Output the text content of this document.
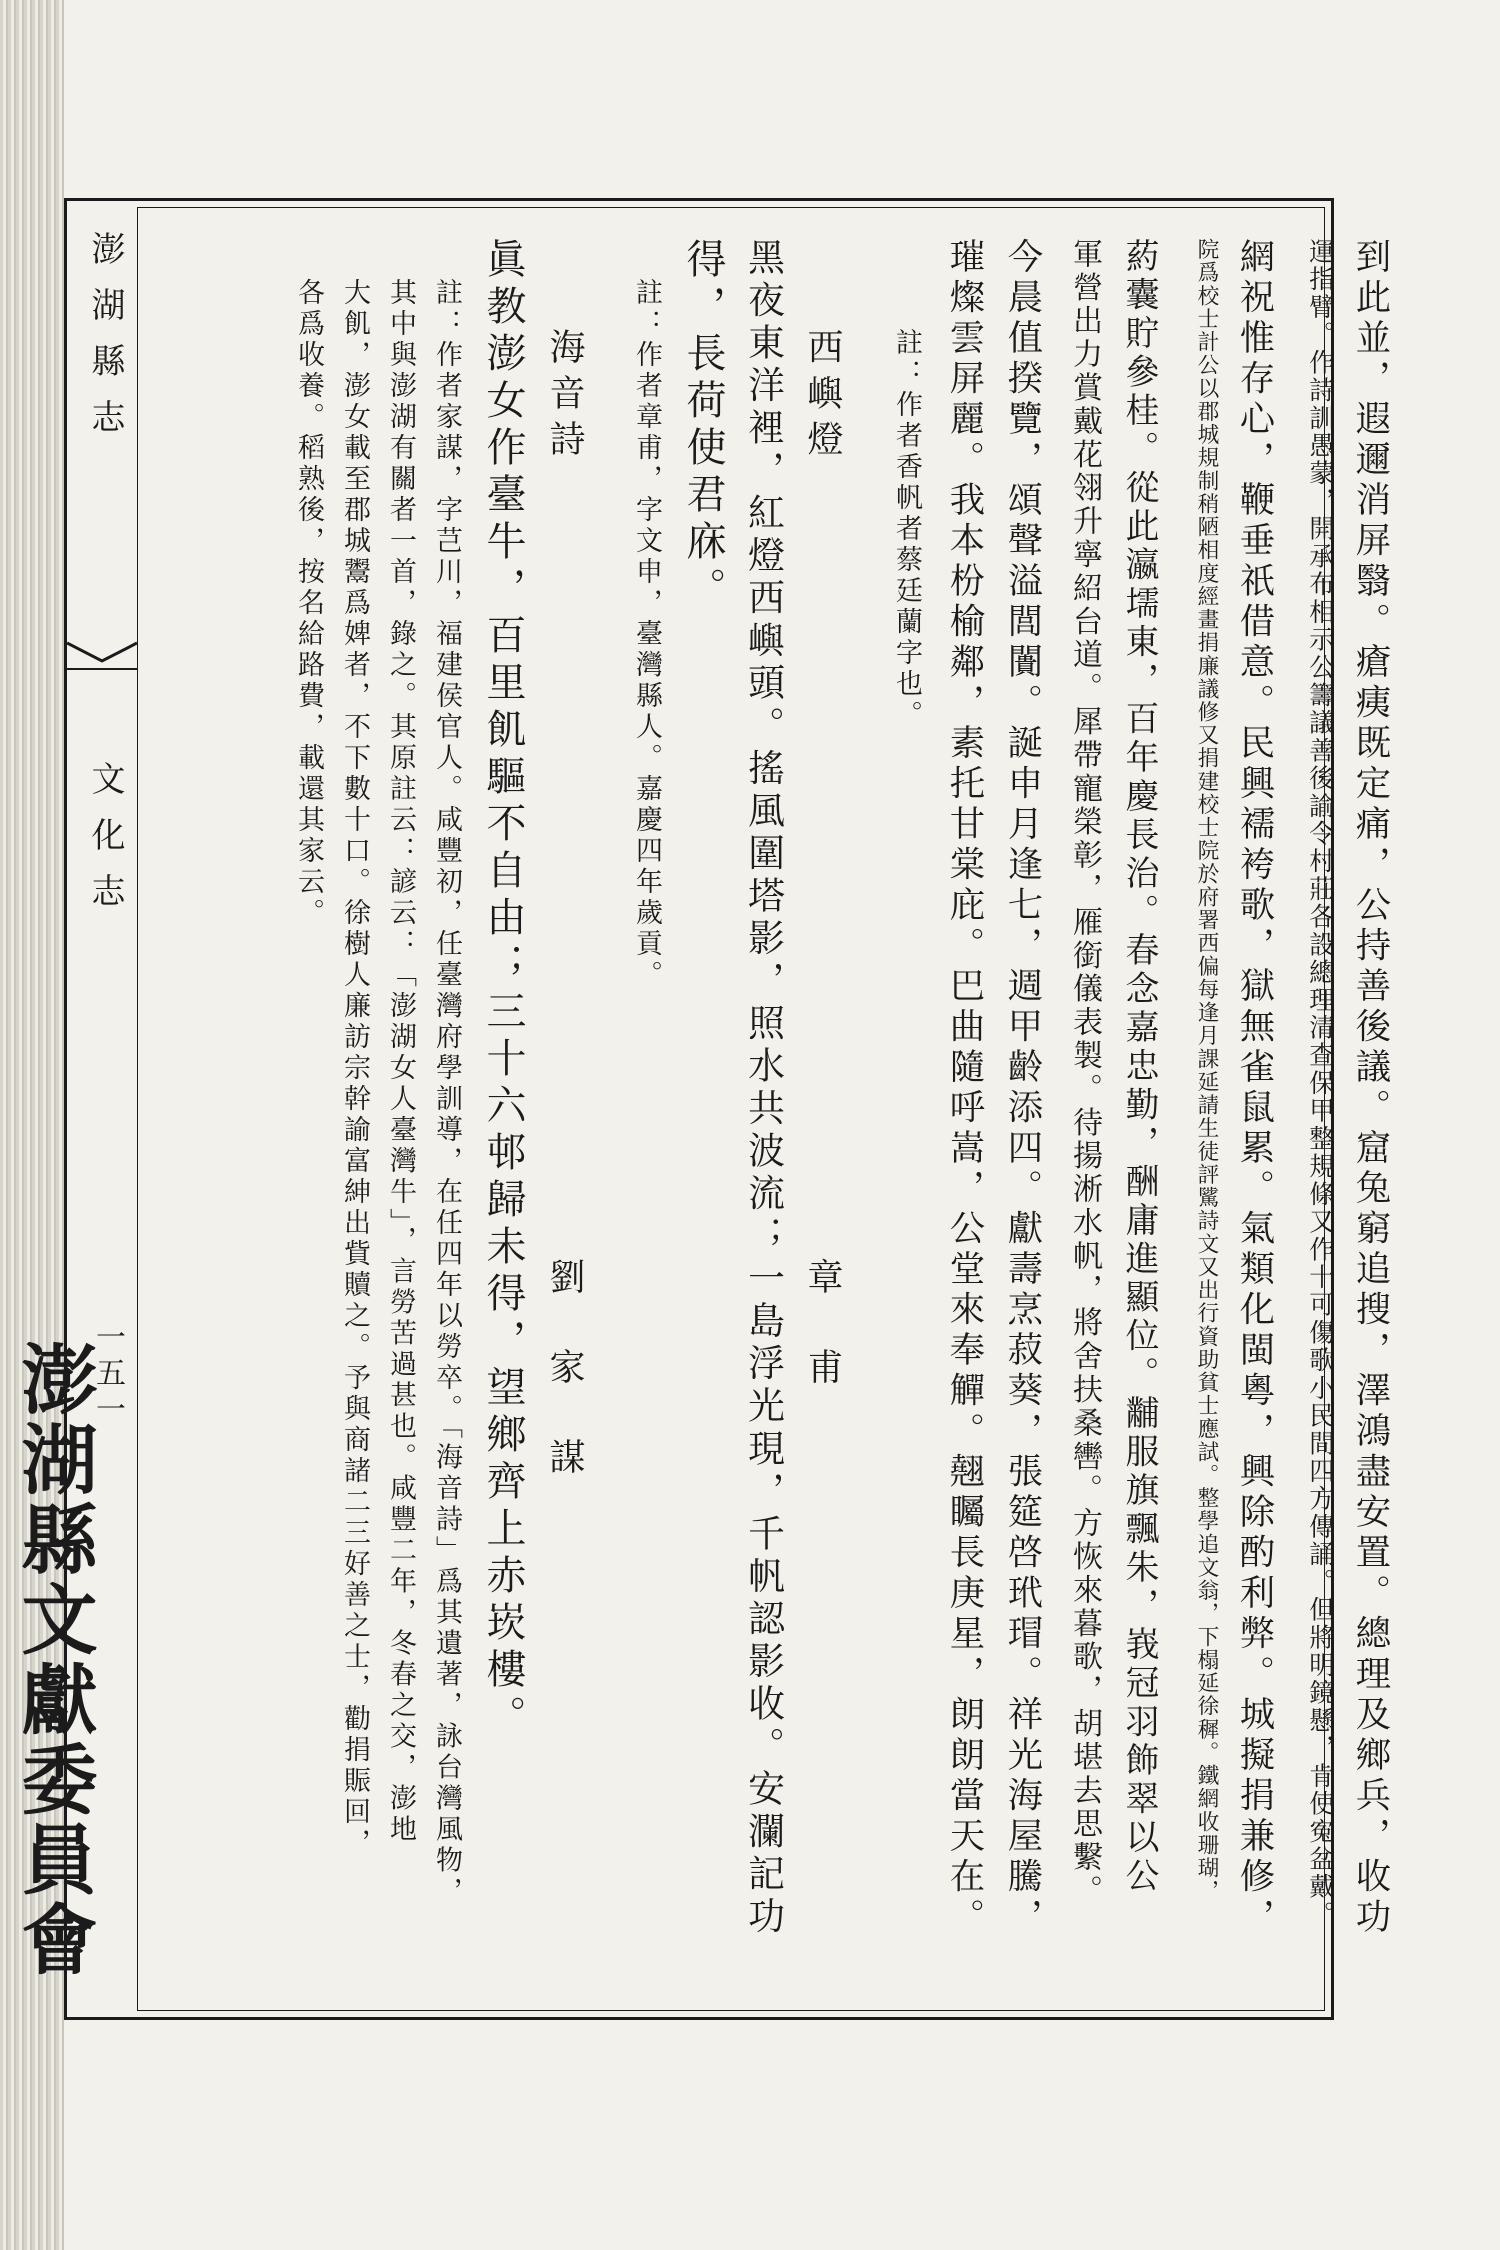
澎湖縣志
文化志
一五一	到此並，遐邇消屏翳。瘡痍既定痛，公持善後議。窟兔窮追搜，澤鴻盡安置。總理及鄉兵，收功
運指臂。作詩訓愚蒙，開承布相示公籌議善後諭令村莊各設總理清查保甲整規條又作十可傷歌小民間四方傳誦。但將明鏡懸，肯使寃盆戴。
網祝惟存心，鞭垂祇借意。民興襦袴歌，獄無雀鼠累。氣類化閩粵，興除酌利弊。城擬捐兼修，
院爲校士計公以郡城規制稍陋相度經畫捐廉議修又捐建校士院於府署西偏每逢月課延請生徒評騭詩文又出行資助貧士應試。整學追文翁，下榻延徐穉。鐵網收珊瑚，
葯囊貯參桂。從此瀛壖東，百年慶長治。春念嘉忠勤，酬庸進顯位。黼服旗飄朱，峩冠羽飾翠以公
軍營出力賞戴花翎升寧紹台道。犀帶寵榮彰，雁銜儀表製。待揚淅水帆，將舍扶桑轡。方恢來暮歌，胡堪去思繫。
今晨值揆覽，頌聲溢閭闠。誕申月逢七，週甲齡添四。獻壽烹菽葵，張筵啓玳瑁。祥光海屋騰，
璀燦雲屏麗。我本枌榆鄰，素托甘棠庇。巴曲隨呼嵩，公堂來奉觶。翹矚長庚星，朗朗當天在。
註：作者香帆者蔡廷蘭字也。
西嶼燈
章甫
黑夜東洋裡，紅燈西嶼頭。搖風圍塔影，照水共波流；一島浮光現，千帆認影收。安瀾記功
得，長荷使君庥。
註：作者章甫，字文申，臺灣縣人。嘉慶四年歲貢。
海音詩
劉家謀
眞教澎女作臺牛，百里飢驅不自由；三十六邨歸未得，望鄉齊上赤崁樓。
註：作者家謀，字芑川，福建侯官人。咸豐初，任臺灣府學訓導，在任四年以勞卒。「海音詩」爲其遺著，詠台灣風物，
其中與澎湖有關者一首，錄之。其原註云：諺云：「澎湖女人臺灣牛」，言勞苦過甚也。咸豐二年，冬春之交，澎地
大飢，澎女載至郡城鬻爲婢者，不下數十口。徐樹人廉訪宗幹諭富紳出貲贖之。予與商諸二三好善之士，勸捐賑回，
各爲收養。稻熟後，按名給路費，載還其家云。
澎湖縣文獻委員會
